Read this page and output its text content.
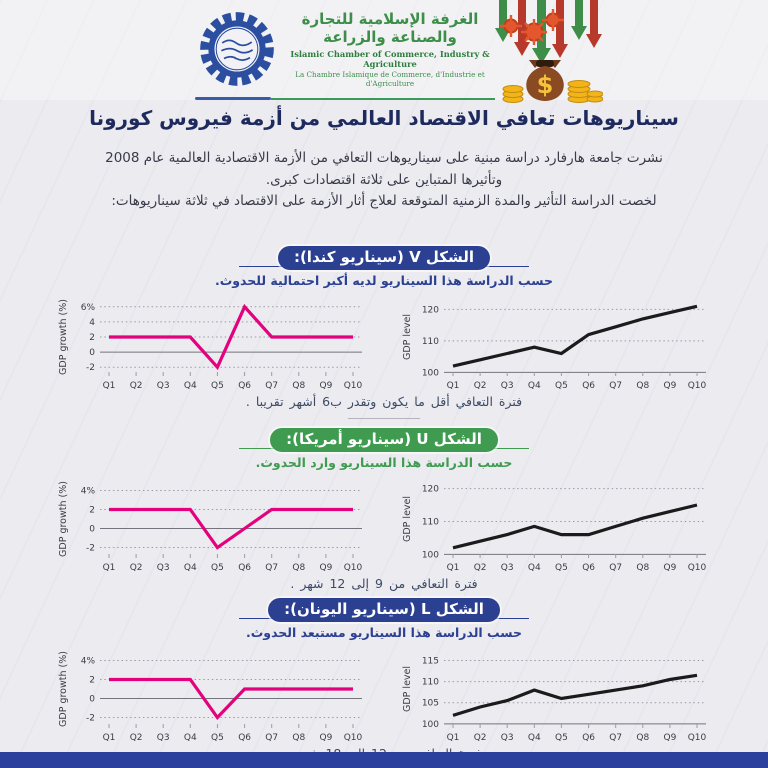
الغرفة الإسلامية للتجارة والصناعة والزراعة
Islamic Chamber of Commerce, Industry & Agriculture
La Chambre Islamique de Commerce, d'Industrie et d'Agriculture	$
سيناريوهات تعافي الاقتصاد العالمي من أزمة فيروس كورونا
نشرت جامعة هارفارد دراسة مبنية على سيناريوهات التعافي من الأزمة الاقتصادية العالمية عام 2008
وتأثيرها المتباين على ثلاثة اقتصادات كبرى.
لخصت الدراسة التأثير والمدة الزمنية المتوقعة لعلاج أثار الأزمة على الاقتصاد في ثلاثة سيناريوهات:
الشكل V (سيناريو كندا):
حسب الدراسة هذا السيناريو لديه أكبر احتمالية للحدوث.
6%
4
2
0
-2
Q1 Q2 Q3 Q4 Q5 Q6 Q7 Q8 Q9 Q10
GDP growth (%)	120
110
100
Q1 Q2 Q3 Q4 Q5 Q6 Q7 Q8 Q9 Q10
GDP level
فترة التعافي أقل ما يكون وتقدر ب6 أشهر تقريبا .
الشكل U (سيناريو أمريكا):
حسب الدراسة هذا السيناريو وارد الحدوث.
4%
2
0
-2
Q1 Q2 Q3 Q4 Q5 Q6 Q7 Q8 Q9 Q10
GDP growth (%)	120
110
100
Q1 Q2 Q3 Q4 Q5 Q6 Q7 Q8 Q9 Q10
GDP level
فترة التعافي من 9 إلى 12 شهر .
الشكل L (سيناريو اليونان):
حسب الدراسة هذا السيناريو مستبعد الحدوث.
4%
2
0
-2
Q1 Q2 Q3 Q4 Q5 Q6 Q7 Q8 Q9 Q10
GDP growth (%)	115
110
105
100
Q1 Q2 Q3 Q4 Q5 Q6 Q7 Q8 Q9 Q10
GDP level
